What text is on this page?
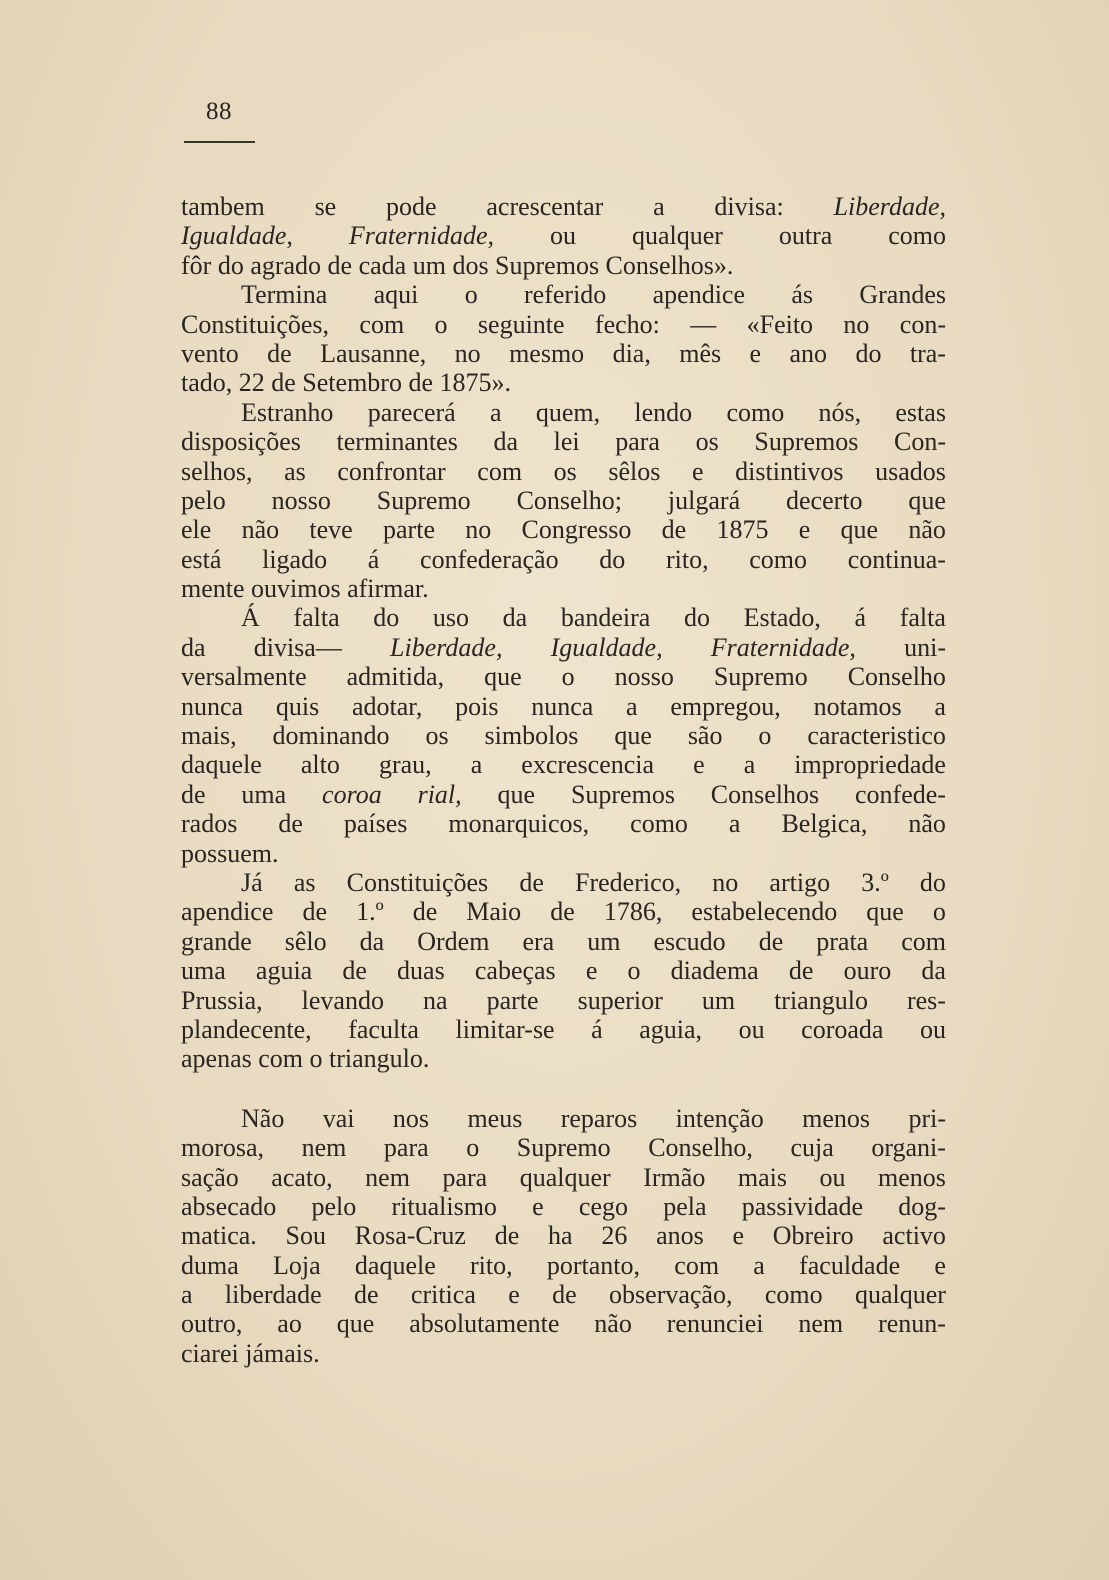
88
tambem se pode acrescentar a divisa: Liberdade,
Igualdade, Fraternidade, ou qualquer outra como
fôr do agrado de cada um dos Supremos Conselhos».
Termina aqui o referido apendice ás Grandes
Constituições, com o seguinte fecho: — «Feito no con-
vento de Lausanne, no mesmo dia, mês e ano do tra-
tado, 22 de Setembro de 1875».
Estranho parecerá a quem, lendo como nós, estas
disposições terminantes da lei para os Supremos Con-
selhos, as confrontar com os sêlos e distintivos usados
pelo nosso Supremo Conselho; julgará decerto que
ele não teve parte no Congresso de 1875 e que não
está ligado á confederação do rito, como continua-
mente ouvimos afirmar.
Á falta do uso da bandeira do Estado, á falta
da divisa— Liberdade, Igualdade, Fraternidade, uni-
versalmente admitida, que o nosso Supremo Conselho
nunca quis adotar, pois nunca a empregou, notamos a
mais, dominando os simbolos que são o caracteristico
daquele alto grau, a excrescencia e a impropriedade
de uma coroa rial, que Supremos Conselhos confede-
rados de países monarquicos, como a Belgica, não
possuem.
Já as Constituições de Frederico, no artigo 3.º do
apendice de 1.º de Maio de 1786, estabelecendo que o
grande sêlo da Ordem era um escudo de prata com
uma aguia de duas cabeças e o diadema de ouro da
Prussia, levando na parte superior um triangulo res-
plandecente, faculta limitar-se á aguia, ou coroada ou
apenas com o triangulo.
Não vai nos meus reparos intenção menos pri-
morosa, nem para o Supremo Conselho, cuja organi-
sação acato, nem para qualquer Irmão mais ou menos
absecado pelo ritualismo e cego pela passividade dog-
matica. Sou Rosa-Cruz de ha 26 anos e Obreiro activo
duma Loja daquele rito, portanto, com a faculdade e
a liberdade de critica e de observação, como qualquer
outro, ao que absolutamente não renunciei nem renun-
ciarei jámais.
